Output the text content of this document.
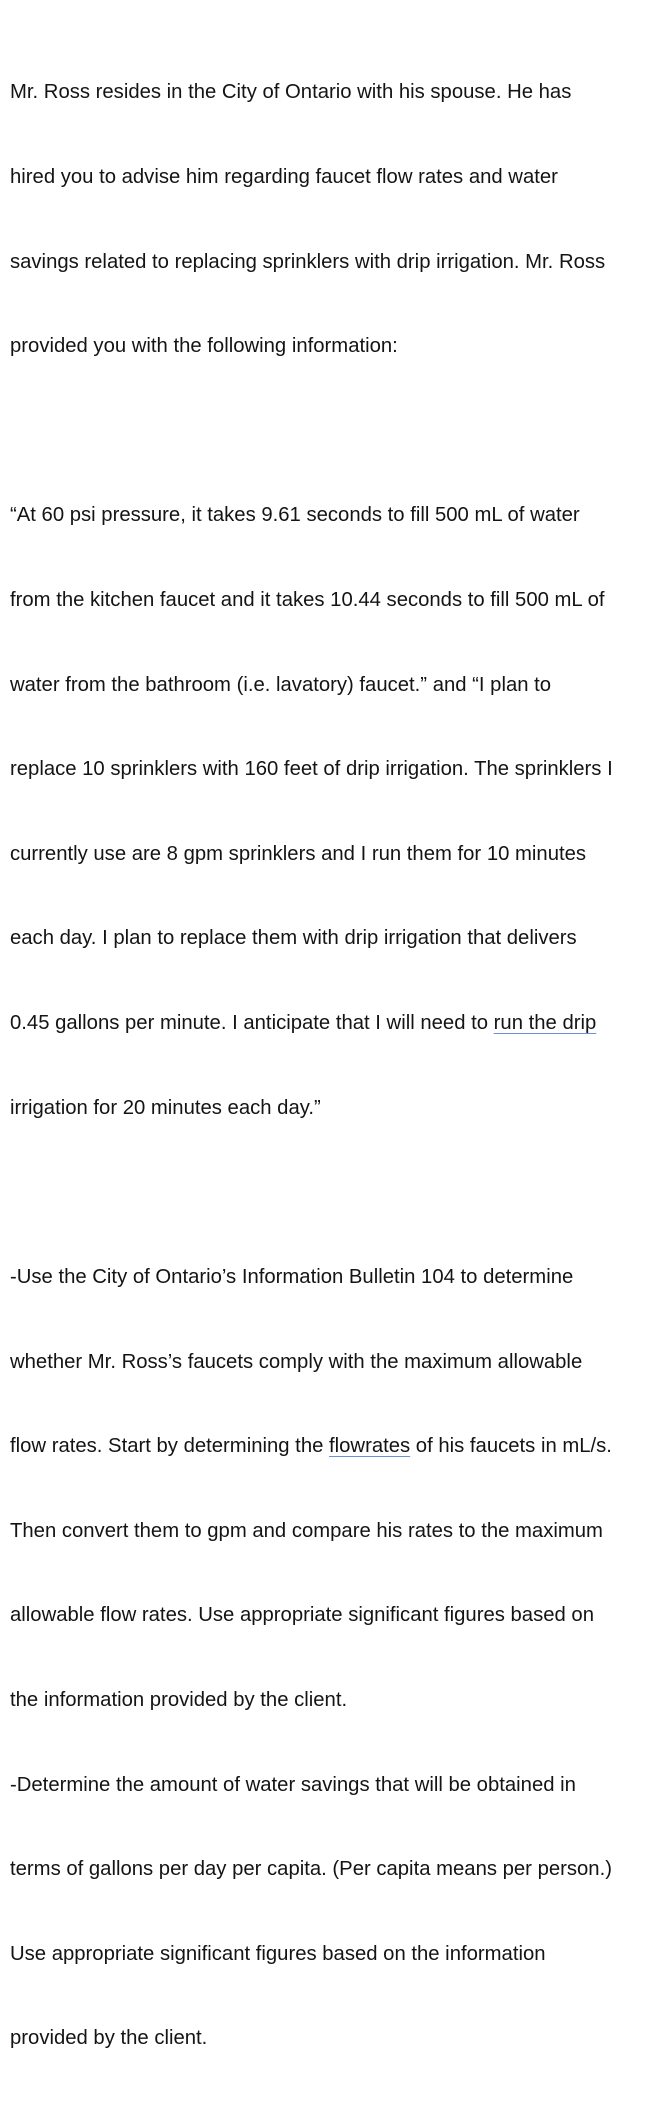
Mr. Ross resides in the City of Ontario with his spouse. He has

hired you to advise him regarding faucet flow rates and water

savings related to replacing sprinklers with drip irrigation. Mr. Ross

provided you with the following information:

“At 60 psi pressure, it takes 9.61 seconds to fill 500 mL of water

from the kitchen faucet and it takes 10.44 seconds to fill 500 mL of

water from the bathroom (i.e. lavatory) faucet.” and “I plan to

replace 10 sprinklers with 160 feet of drip irrigation. The sprinklers I

currently use are 8 gpm sprinklers and I run them for 10 minutes

each day. I plan to replace them with drip irrigation that delivers

0.45 gallons per minute. I anticipate that I will need to run the drip

irrigation for 20 minutes each day.”

-Use the City of Ontario’s Information Bulletin 104 to determine

whether Mr. Ross’s faucets comply with the maximum allowable

flow rates. Start by determining the flowrates of his faucets in mL/s.

Then convert them to gpm and compare his rates to the maximum

allowable flow rates. Use appropriate significant figures based on

the information provided by the client.

-Determine the amount of water savings that will be obtained in

terms of gallons per day per capita. (Per capita means per person.)

Use appropriate significant figures based on the information

provided by the client.
